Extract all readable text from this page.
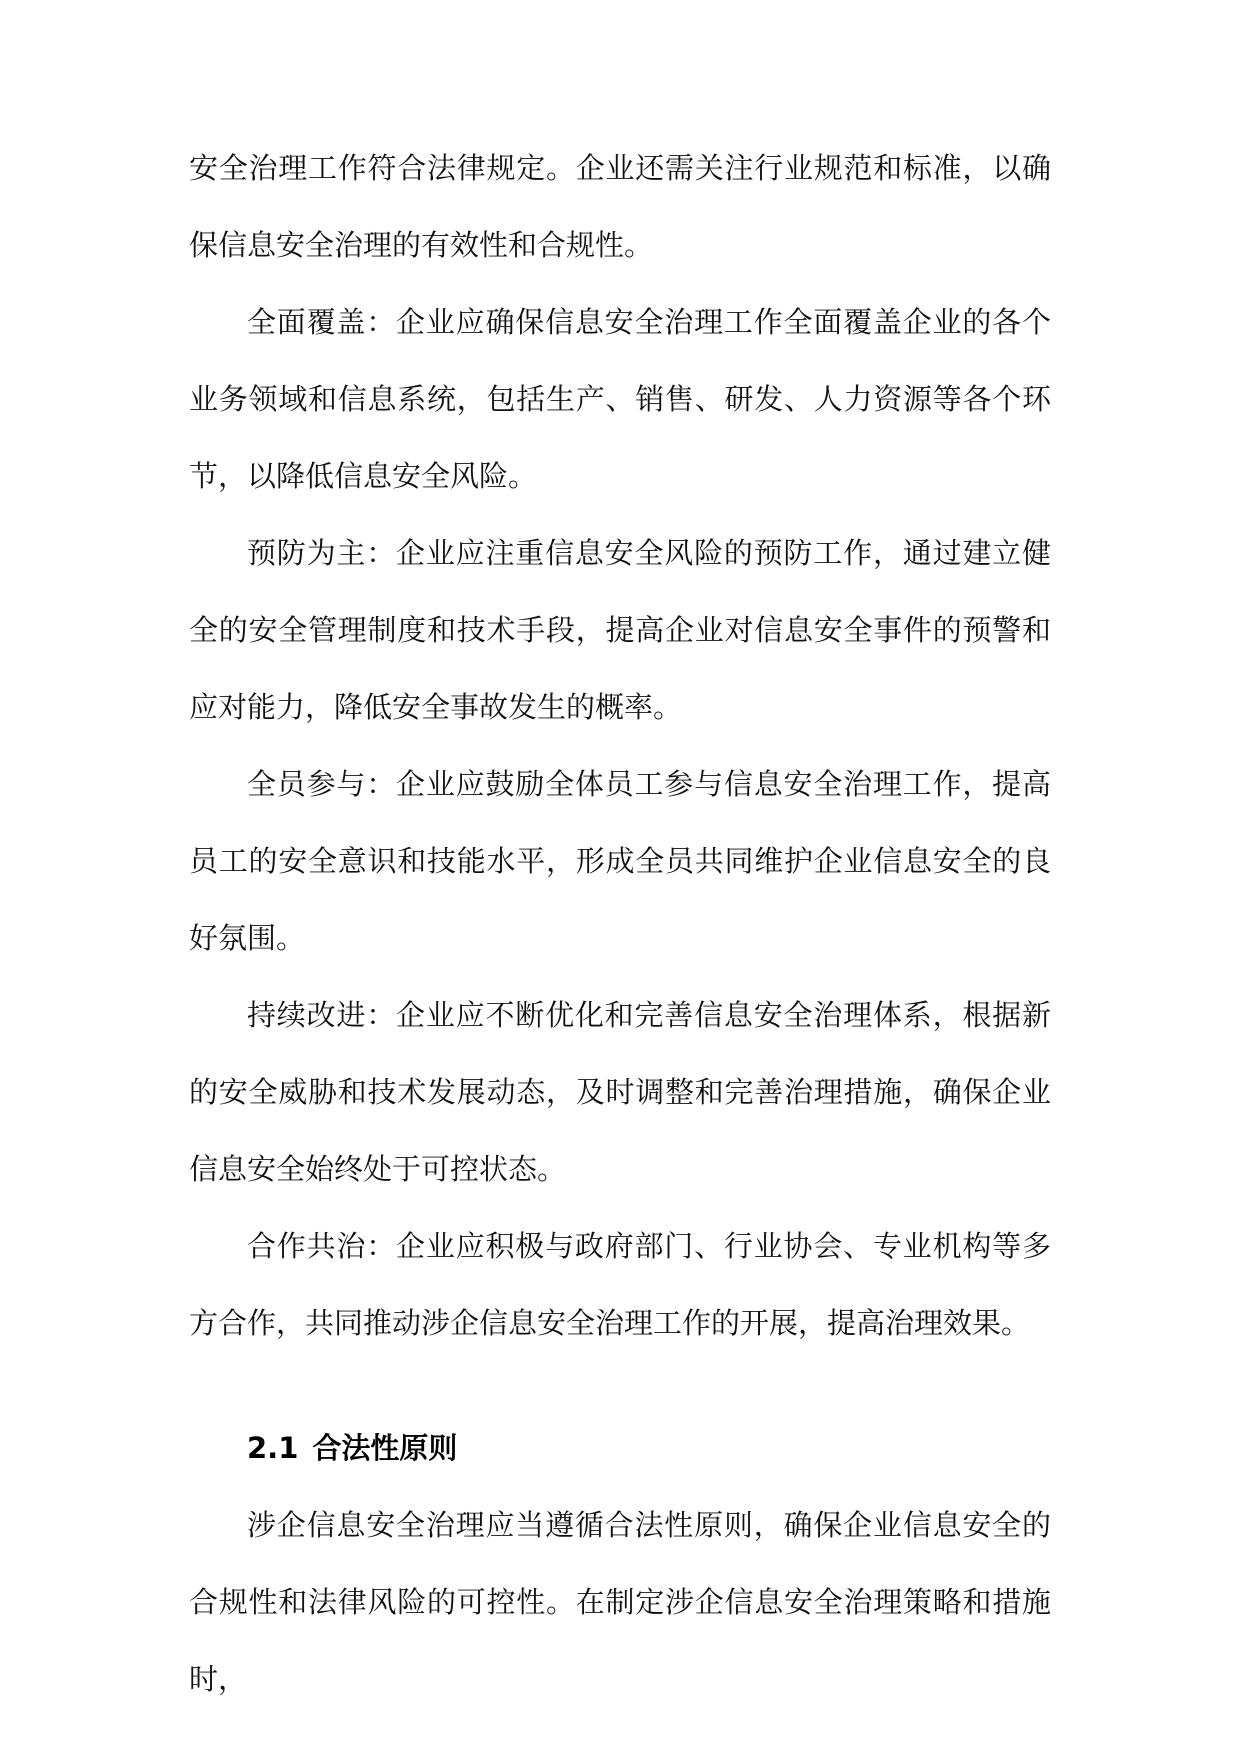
安全治理工作符合法律规定。企业还需关注行业规范和标准，以确保信息安全治理的有效性和合规性。

全面覆盖：企业应确保信息安全治理工作全面覆盖企业的各个业务领域和信息系统，包括生产、销售、研发、人力资源等各个环节，以降低信息安全风险。

预防为主：企业应注重信息安全风险的预防工作，通过建立健全的安全管理制度和技术手段，提高企业对信息安全事件的预警和应对能力，降低安全事故发生的概率。

全员参与：企业应鼓励全体员工参与信息安全治理工作，提高员工的安全意识和技能水平，形成全员共同维护企业信息安全的良好氛围。

持续改进：企业应不断优化和完善信息安全治理体系，根据新的安全威胁和技术发展动态，及时调整和完善治理措施，确保企业信息安全始终处于可控状态。

合作共治：企业应积极与政府部门、行业协会、专业机构等多方合作，共同推动涉企信息安全治理工作的开展，提高治理效果。

2.1 合法性原则

涉企信息安全治理应当遵循合法性原则，确保企业信息安全的合规性和法律风险的可控性。在制定涉企信息安全治理策略和措施时，
